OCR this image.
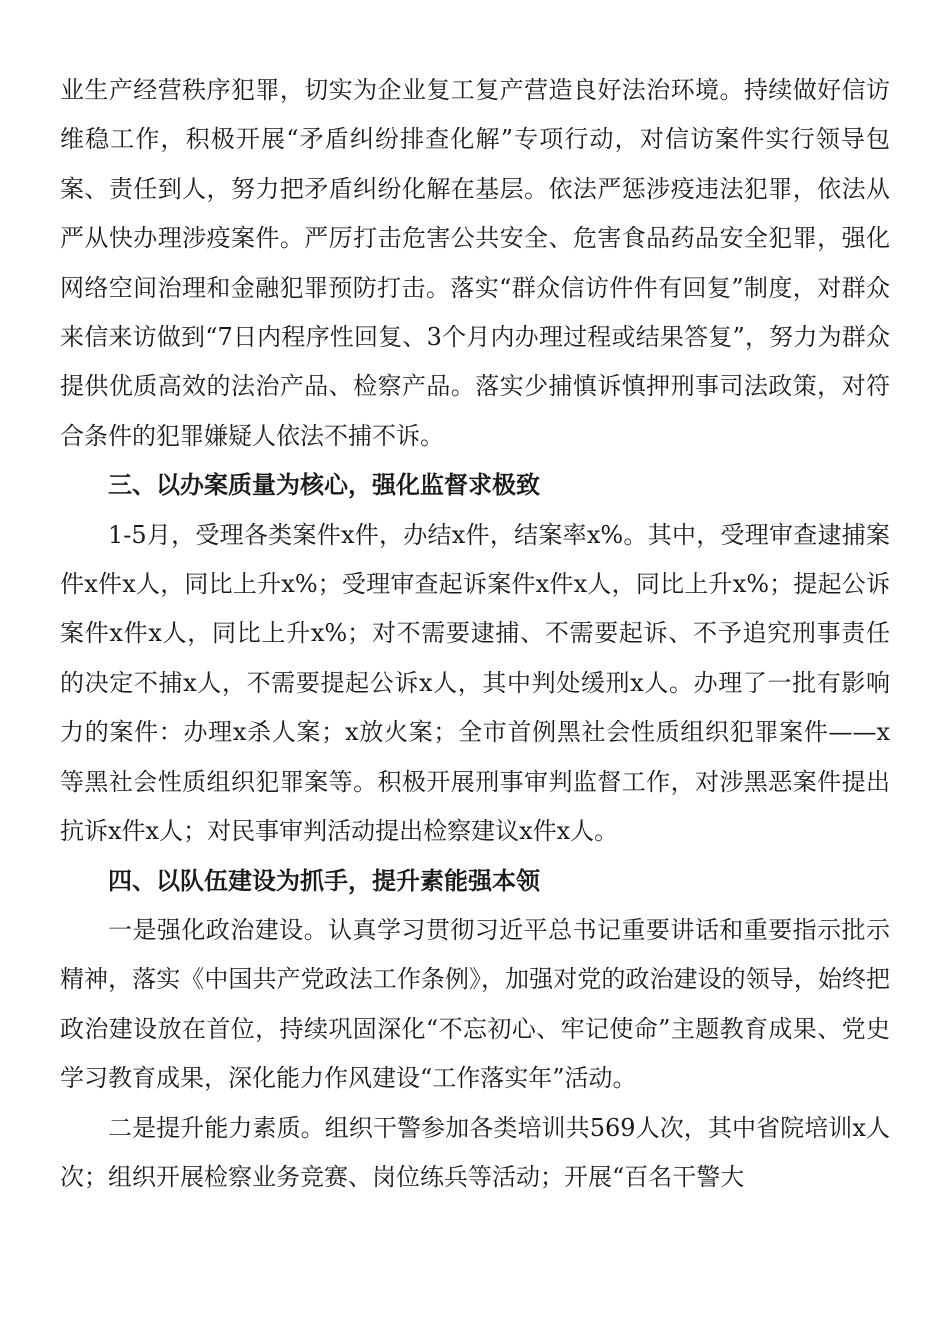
业生产经营秩序犯罪，切实为企业复工复产营造良好法治环境。持续做好信访维稳工作，积极开展“矛盾纠纷排查化解”专项行动，对信访案件实行领导包案、责任到人，努力把矛盾纠纷化解在基层。依法严惩涉疫违法犯罪，依法从严从快办理涉疫案件。严厉打击危害公共安全、危害食品药品安全犯罪，强化网络空间治理和金融犯罪预防打击。落实“群众信访件件有回复”制度，对群众来信来访做到“7日内程序性回复、3个月内办理过程或结果答复”，努力为群众提供优质高效的法治产品、检察产品。落实少捕慎诉慎押刑事司法政策，对符合条件的犯罪嫌疑人依法不捕不诉。

三、以办案质量为核心，强化监督求极致

1-5月，受理各类案件x件，办结x件，结案率x%。其中，受理审查逮捕案件x件x人，同比上升x%；受理审查起诉案件x件x人，同比上升x%；提起公诉案件x件x人，同比上升x%；对不需要逮捕、不需要起诉、不予追究刑事责任的决定不捕x人，不需要提起公诉x人，其中判处缓刑x人。办理了一批有影响力的案件：办理x杀人案；x放火案；全市首例黑社会性质组织犯罪案件——x等黑社会性质组织犯罪案等。积极开展刑事审判监督工作，对涉黑恶案件提出抗诉x件x人；对民事审判活动提出检察建议x件x人。

四、以队伍建设为抓手，提升素能强本领

一是强化政治建设。认真学习贯彻习近平总书记重要讲话和重要指示批示精神，落实《中国共产党政法工作条例》，加强对党的政治建设的领导，始终把政治建设放在首位，持续巩固深化“不忘初心、牢记使命”主题教育成果、党史学习教育成果，深化能力作风建设“工作落实年”活动。

二是提升能力素质。组织干警参加各类培训共569人次，其中省院培训x人次；组织开展检察业务竞赛、岗位练兵等活动；开展“百名干警大
